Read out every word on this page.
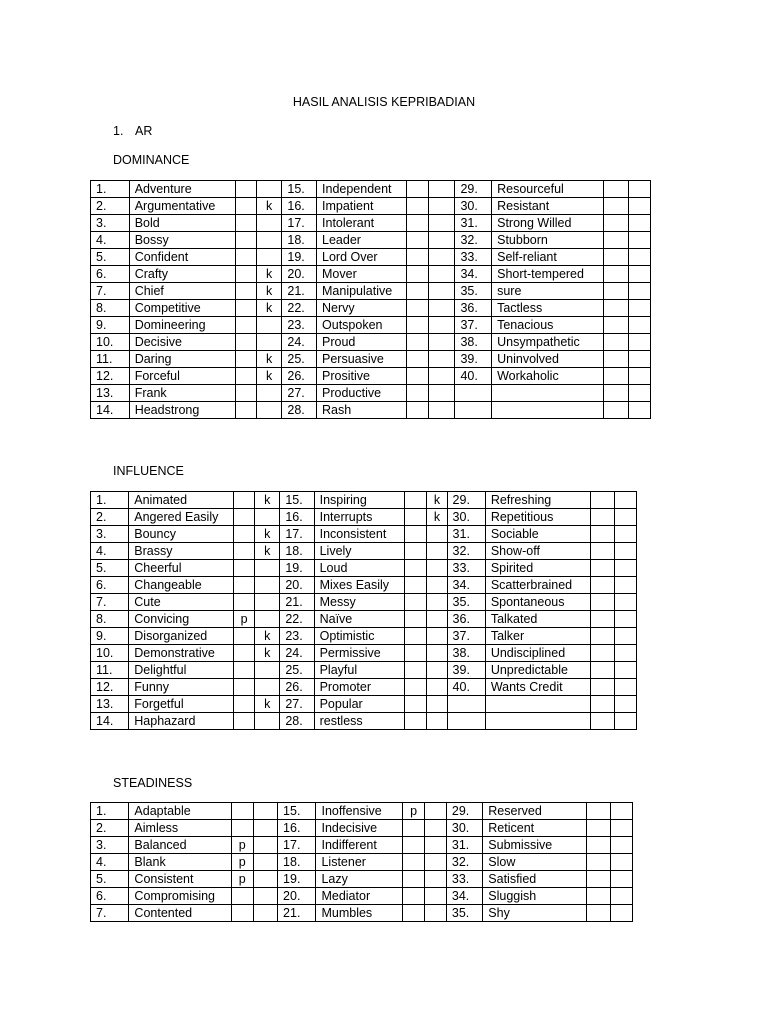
HASIL ANALISIS KEPRIBADIAN
1. AR
DOMINANCE
1.	Adventure			15.	Independent			29.	Resourceful		
2.	Argumentative		k	16.	Impatient			30.	Resistant		
3.	Bold			17.	Intolerant			31.	Strong Willed		
4.	Bossy			18.	Leader			32.	Stubborn		
5.	Confident			19.	Lord Over			33.	Self-reliant		
6.	Crafty		k	20.	Mover			34.	Short-tempered		
7.	Chief		k	21.	Manipulative			35.	sure		
8.	Competitive		k	22.	Nervy			36.	Tactless		
9.	Domineering			23.	Outspoken			37.	Tenacious		
10.	Decisive			24.	Proud			38.	Unsympathetic		
11.	Daring		k	25.	Persuasive			39.	Uninvolved		
12.	Forceful		k	26.	Prositive			40.	Workaholic		
13.	Frank			27.	Productive						
14.	Headstrong			28.	Rash						
INFLUENCE
1.	Animated		k	15.	Inspiring		k	29.	Refreshing		
2.	Angered Easily			16.	Interrupts		k	30.	Repetitious		
3.	Bouncy		k	17.	Inconsistent			31.	Sociable		
4.	Brassy		k	18.	Lively			32.	Show-off		
5.	Cheerful			19.	Loud			33.	Spirited		
6.	Changeable			20.	Mixes Easily			34.	Scatterbrained		
7.	Cute			21.	Messy			35.	Spontaneous		
8.	Convicing	p		22.	Naïve			36.	Talkated		
9.	Disorganized		k	23.	Optimistic			37.	Talker		
10.	Demonstrative		k	24.	Permissive			38.	Undisciplined		
11.	Delightful			25.	Playful			39.	Unpredictable		
12.	Funny			26.	Promoter			40.	Wants Credit		
13.	Forgetful		k	27.	Popular						
14.	Haphazard			28.	restless						
STEADINESS
1.	Adaptable			15.	Inoffensive	p		29.	Reserved		
2.	Aimless			16.	Indecisive			30.	Reticent		
3.	Balanced	p		17.	Indifferent			31.	Submissive		
4.	Blank	p		18.	Listener			32.	Slow		
5.	Consistent	p		19.	Lazy			33.	Satisfied		
6.	Compromising			20.	Mediator			34.	Sluggish		
7.	Contented			21.	Mumbles			35.	Shy		
